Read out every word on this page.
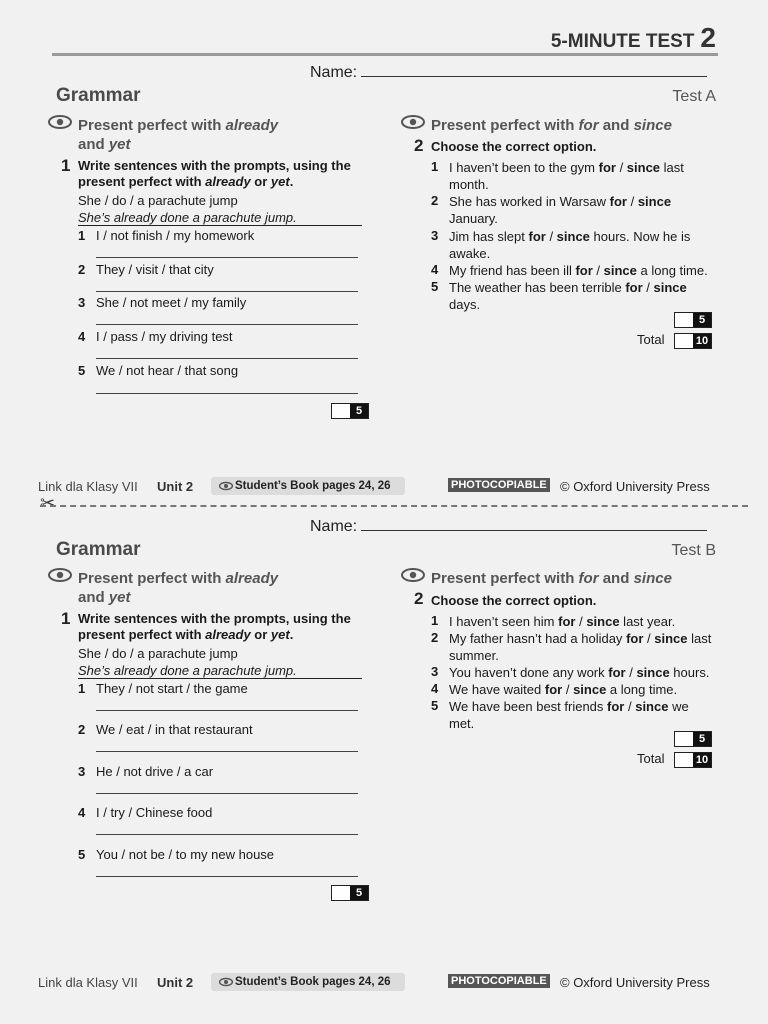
5-MINUTE TEST 2
Name:
Grammar	Test A
Present perfect with already
and yet
1 Write sentences with the prompts, using the
present perfect with already or yet.
She / do / a parachute jump
She’s already done a parachute jump.
1 I / not finish / my homework
2 They / visit / that city
3 She / not meet / my family
4 I / pass / my driving test
5 We / not hear / that song
5
Present perfect with for and since
2 Choose the correct option.
1 I haven’t been to the gym for / since last month.
2 She has worked in Warsaw for / since January.
3 Jim has slept for / since hours. Now he is awake.
4 My friend has been ill for / since a long time.
5 The weather has been terrible for / since days.
5
Total	10
Link dla Klasy VII Unit 2	Student’s Book pages 24, 26	PHOTOCOPIABLE © Oxford University Press
✂
Name:
Grammar	Test B
Present perfect with already
and yet
1 Write sentences with the prompts, using the
present perfect with already or yet.
She / do / a parachute jump
She’s already done a parachute jump.
1 They / not start / the game
2 We / eat / in that restaurant
3 He / not drive / a car
4 I / try / Chinese food
5 You / not be / to my new house
5
Present perfect with for and since
2 Choose the correct option.
1 I haven’t seen him for / since last year.
2 My father hasn’t had a holiday for / since last summer.
3 You haven’t done any work for / since hours.
4 We have waited for / since a long time.
5 We have been best friends for / since we met.
5
Total	10
Link dla Klasy VII Unit 2	Student’s Book pages 24, 26	PHOTOCOPIABLE © Oxford University Press
